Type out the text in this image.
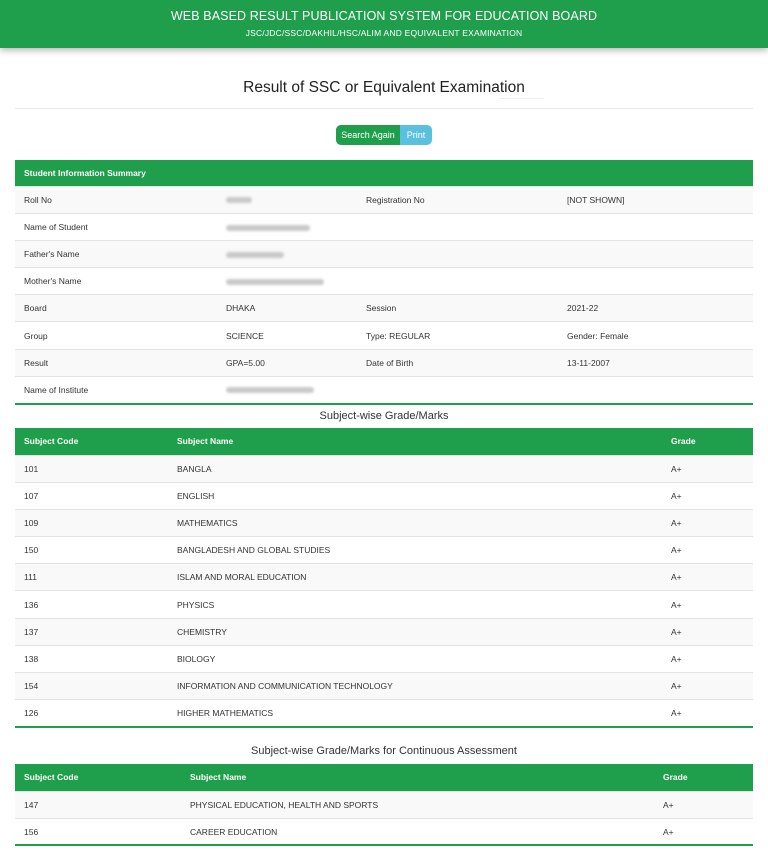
WEB BASED RESULT PUBLICATION SYSTEM FOR EDUCATION BOARD
JSC/JDC/SSC/DAKHIL/HSC/ALIM AND EQUIVALENT EXAMINATION
Result of SSC or Equivalent Examination
Search Again	Print
Student Information Summary			
Roll No		Registration No	[NOT SHOWN]
Name of Student			
Father's Name			
Mother's Name			
Board	DHAKA	Session	2021-22
Group	SCIENCE	Type: REGULAR	Gender: Female
Result	GPA=5.00	Date of Birth	13-11-2007
Name of Institute			
Subject-wise Grade/Marks
Subject Code	Subject Name	Grade
101	BANGLA	A+
107	ENGLISH	A+
109	MATHEMATICS	A+
150	BANGLADESH AND GLOBAL STUDIES	A+
111	ISLAM AND MORAL EDUCATION	A+
136	PHYSICS	A+
137	CHEMISTRY	A+
138	BIOLOGY	A+
154	INFORMATION AND COMMUNICATION TECHNOLOGY	A+
126	HIGHER MATHEMATICS	A+
Subject-wise Grade/Marks for Continuous Assessment
Subject Code	Subject Name	Grade
147	PHYSICAL EDUCATION, HEALTH AND SPORTS	A+
156	CAREER EDUCATION	A+
